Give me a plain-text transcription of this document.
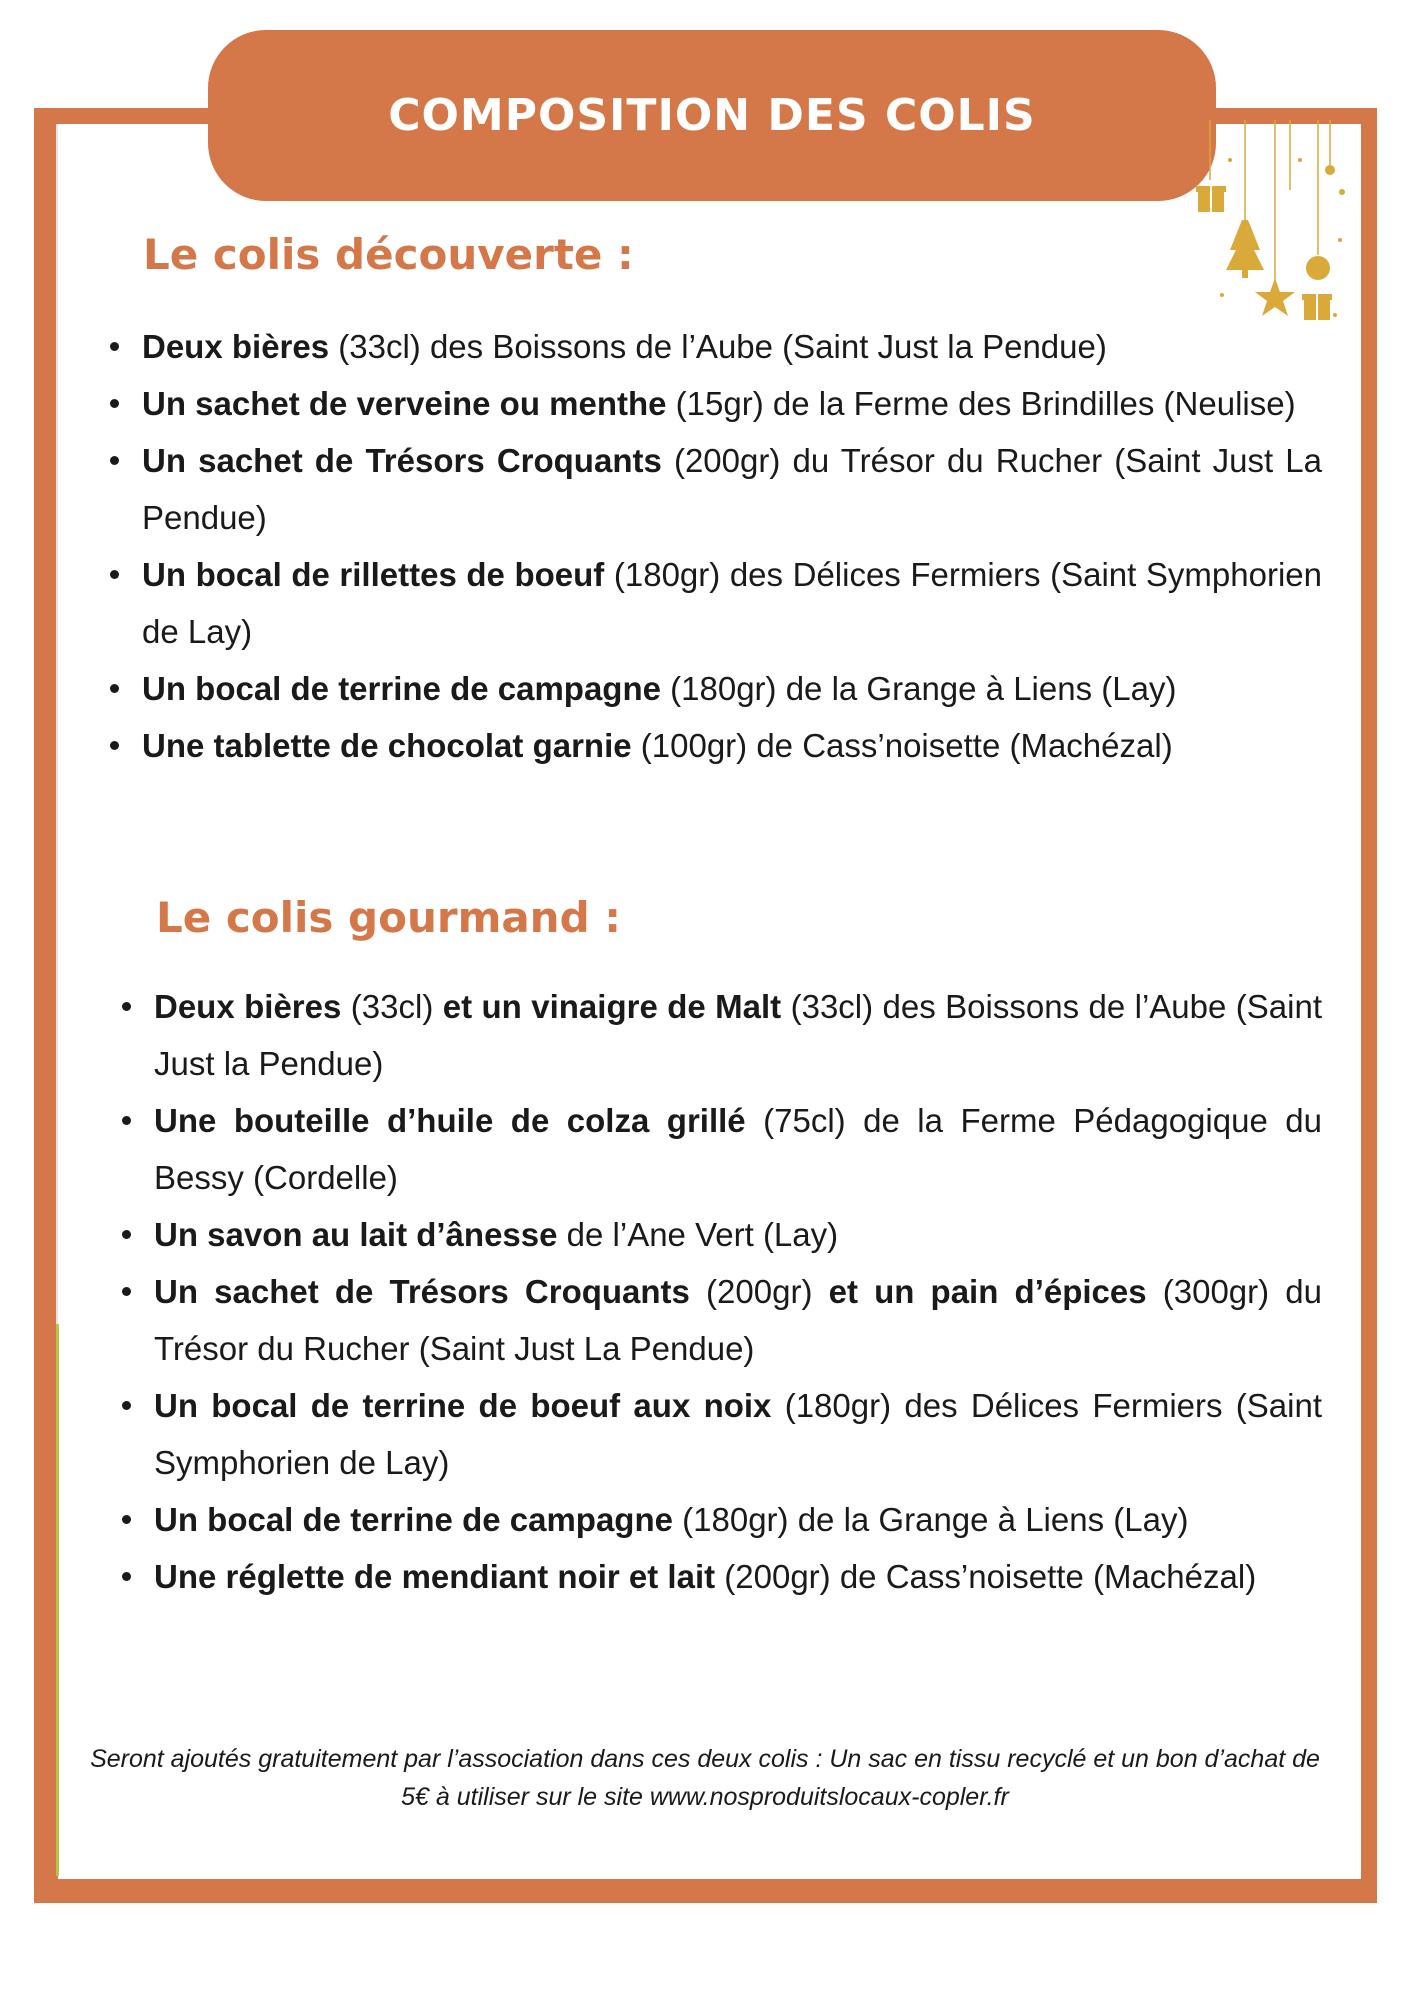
COMPOSITION DES COLIS
Le colis découverte :
Deux bières (33cl) des Boissons de l’Aube (Saint Just la Pendue)
Un sachet de verveine ou menthe (15gr) de la Ferme des Brindilles (Neulise)
Un sachet de Trésors Croquants (200gr) du Trésor du Rucher (Saint Just La Pendue)
Un bocal de rillettes de boeuf (180gr) des Délices Fermiers (Saint Symphorien de Lay)
Un bocal de terrine de campagne (180gr) de la Grange à Liens (Lay)
Une tablette de chocolat garnie (100gr) de Cass’noisette (Machézal)
Le colis gourmand :
Deux bières (33cl) et un vinaigre de Malt (33cl) des Boissons de l’Aube (Saint Just la Pendue)
Une bouteille d’huile de colza grillé (75cl) de la Ferme Pédagogique du Bessy (Cordelle)
Un savon au lait d’ânesse de l’Ane Vert (Lay)
Un sachet de Trésors Croquants (200gr) et un pain d’épices (300gr) du Trésor du Rucher (Saint Just La Pendue)
Un bocal de terrine de boeuf aux noix (180gr) des Délices Fermiers (Saint Symphorien de Lay)
Un bocal de terrine de campagne (180gr) de la Grange à Liens (Lay)
Une réglette de mendiant noir et lait (200gr) de Cass’noisette (Machézal)

Seront ajoutés gratuitement par l’association dans ces deux colis : Un sac en tissu recyclé et un bon d’achat de 5€ à utiliser sur le site www.nosproduitslocaux-copler.fr
